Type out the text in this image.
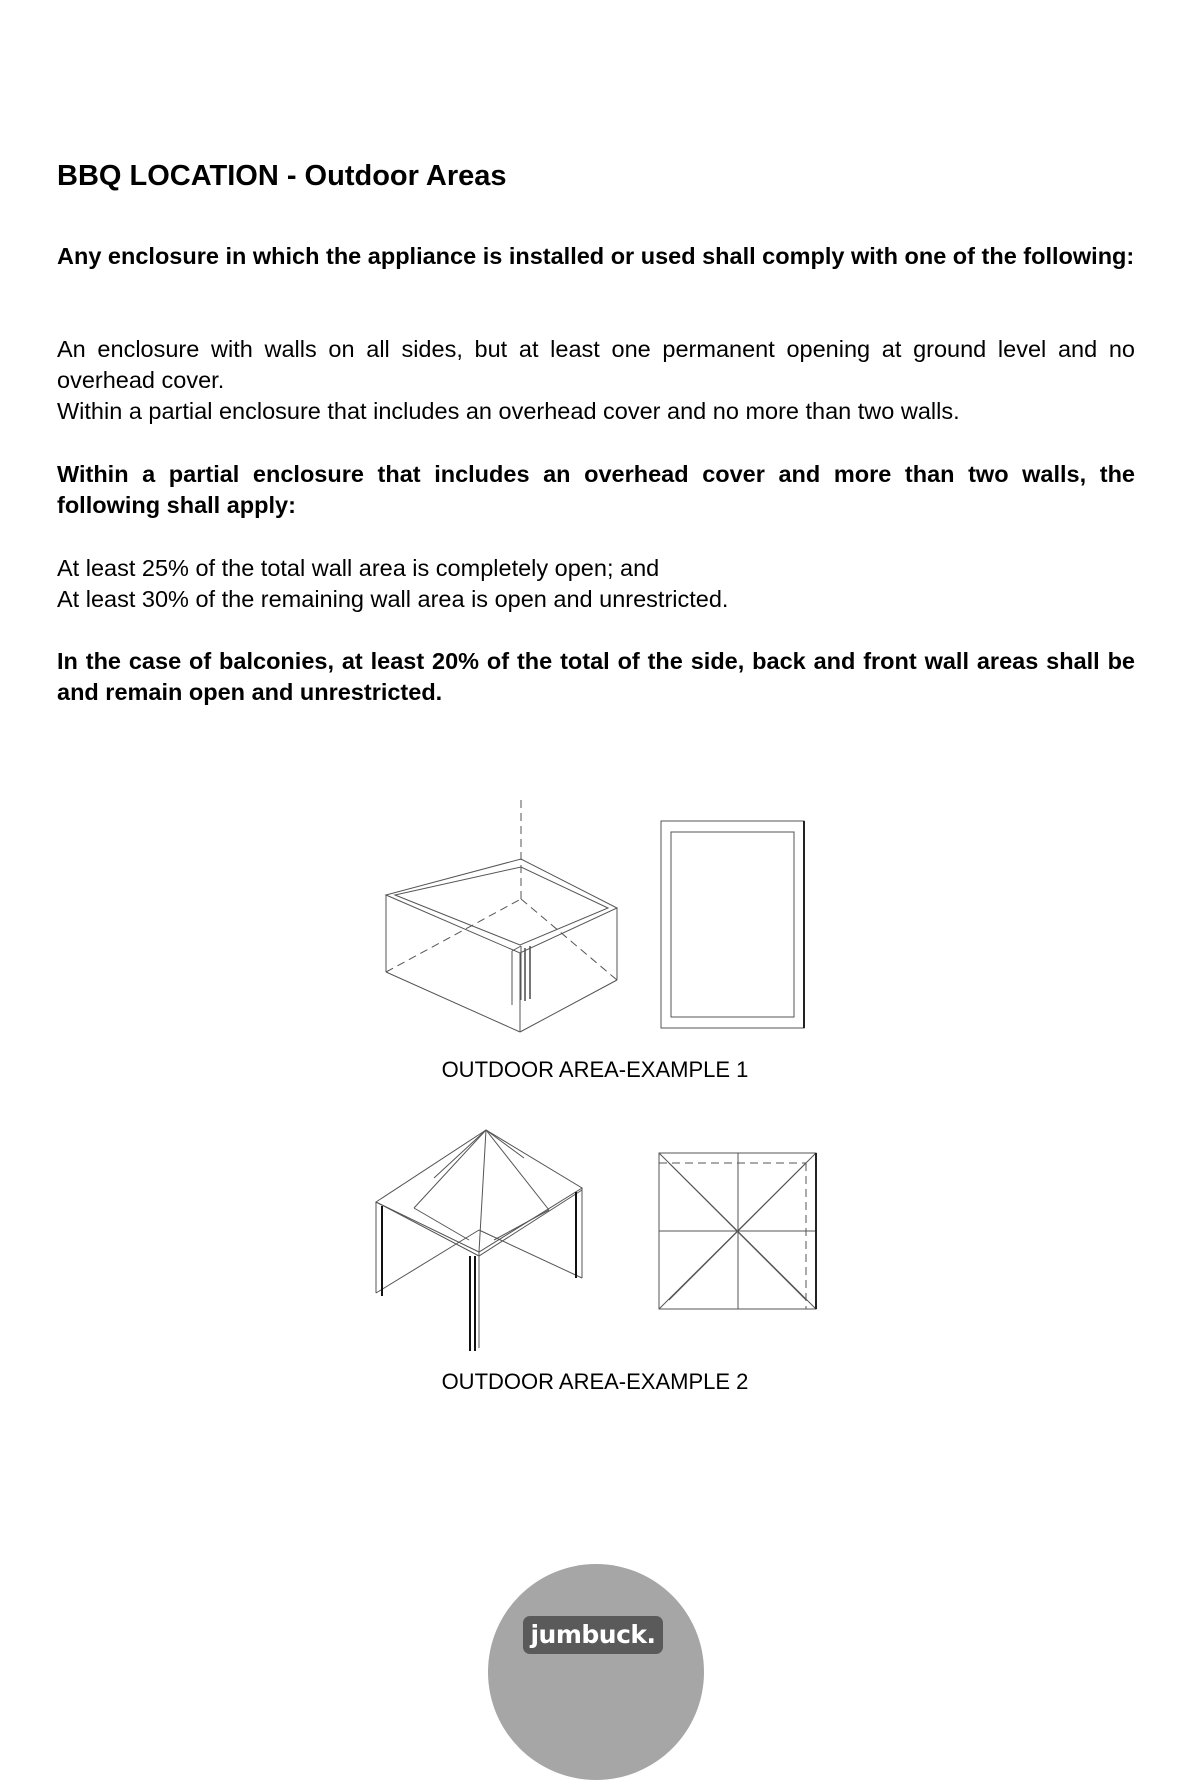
BBQ LOCATION - Outdoor Areas

Any enclosure in which the appliance is installed or used shall comply with one of the following:

An enclosure with walls on all sides, but at least one permanent opening at ground level and no overhead cover.
Within a partial enclosure that includes an overhead cover and no more than two walls.

Within a partial enclosure that includes an overhead cover and more than two walls, the following shall apply:

At least 25% of the total wall area is completely open; and
At least 30% of the remaining wall area is open and unrestricted.

In the case of balconies, at least 20% of the total of the side, back and front wall areas shall be and remain open and unrestricted.

OUTDOOR AREA-EXAMPLE 1
OUTDOOR AREA-EXAMPLE 2
jumbuck.
